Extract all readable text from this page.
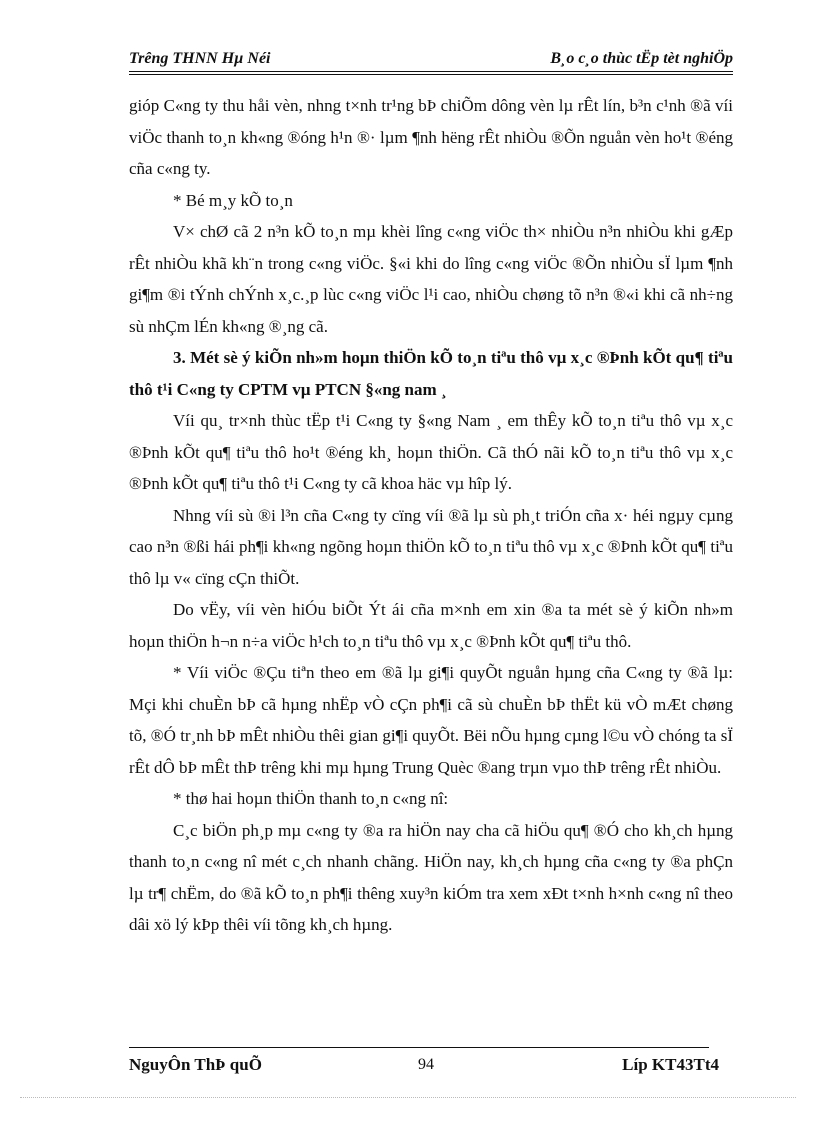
Trêng THNN Hµ Néi	B¸o c¸o thùc tËp tèt nghiÖp

gióp C«ng ty thu håi vèn, nhng t×nh tr¹ng bÞ chiÕm dông vèn lµ rÊt lín, b³n c¹nh ®ã víi viÖc thanh to¸n kh«ng ®óng h¹n ®· lµm ¶nh hëng rÊt nhiÒu ®Õn nguån vèn ho¹t ®éng cña c«ng ty.

* Bé m¸y kÕ to¸n

V× chØ cã 2 n³n kÕ to¸n mµ khèi lîng c«ng viÖc th× nhiÒu n³n nhiÒu khi gÆp rÊt nhiÒu khã kh¨n trong c«ng viÖc. §«i khi do lîng c«ng viÖc ®Õn nhiÒu sÏ lµm ¶nh gi¶m ®i tÝnh chÝnh x¸c.¸p lùc c«ng viÖc l¹i cao, nhiÒu chøng tõ n³n ®«i khi cã nh÷ng sù nhÇm lÉn kh«ng ®¸ng cã.

3. Mét sè ý kiÕn nh»m hoµn thiÖn kÕ to¸n tiªu thô vµ x¸c ®Þnh kÕt qu¶ tiªu thô t¹i C«ng ty CPTM vµ PTCN §«ng nam ¸

Víi qu¸ tr×nh thùc tËp t¹i C«ng ty §«ng Nam ¸ em thÊy kÕ to¸n tiªu thô vµ x¸c ®Þnh kÕt qu¶ tiªu thô ho¹t ®éng kh¸ hoµn thiÖn. Cã thÓ nãi kÕ to¸n tiªu thô vµ x¸c ®Þnh kÕt qu¶ tiªu thô t¹i C«ng ty cã khoa häc vµ hîp lý.

Nhng víi sù ®i l³n cña C«ng ty cïng víi ®ã lµ sù ph¸t triÓn cña x· héi ngµy cµng cao n³n ®ßi hái ph¶i kh«ng ngõng hoµn thiÖn kÕ to¸n tiªu thô vµ x¸c ®Þnh kÕt qu¶ tiªu thô lµ v« cïng cÇn thiÕt.

Do vËy, víi vèn hiÓu biÕt Ýt ái cña m×nh em xin ®a ta mét sè ý kiÕn nh»m hoµn thiÖn h¬n n÷a viÖc h¹ch to¸n tiªu thô vµ x¸c ®Þnh kÕt qu¶ tiªu thô.

* Víi viÖc ®Çu tiªn theo em ®ã lµ gi¶i quyÕt nguån hµng cña C«ng ty ®ã lµ: Mçi khi chuÈn bÞ cã hµng nhËp vÒ cÇn ph¶i cã sù chuÈn bÞ thËt kü vÒ mÆt chøng tõ, ®Ó tr¸nh bÞ mÊt nhiÒu thêi gian gi¶i quyÕt. Bëi nÕu hµng cµng l©u vÒ chóng ta sÏ rÊt dÔ bÞ mÊt thÞ trêng khi mµ hµng Trung Quèc ®ang trµn vµo thÞ trêng rÊt nhiÒu.

* thø hai hoµn thiÖn thanh to¸n c«ng nî:

C¸c biÖn ph¸p mµ c«ng ty ®a ra hiÖn nay cha cã hiÖu qu¶ ®Ó cho kh¸ch hµng thanh to¸n c«ng nî mét c¸ch nhanh chãng. HiÖn nay, kh¸ch hµng cña c«ng ty ®a phÇn lµ tr¶ chËm, do ®ã kÕ to¸n ph¶i thêng xuy³n kiÓm tra xem xÐt t×nh h×nh c«ng nî theo dâi xö lý kÞp thêi víi tõng kh¸ch hµng.

NguyÔn ThÞ quÕ	94	Líp KT43Tt4
